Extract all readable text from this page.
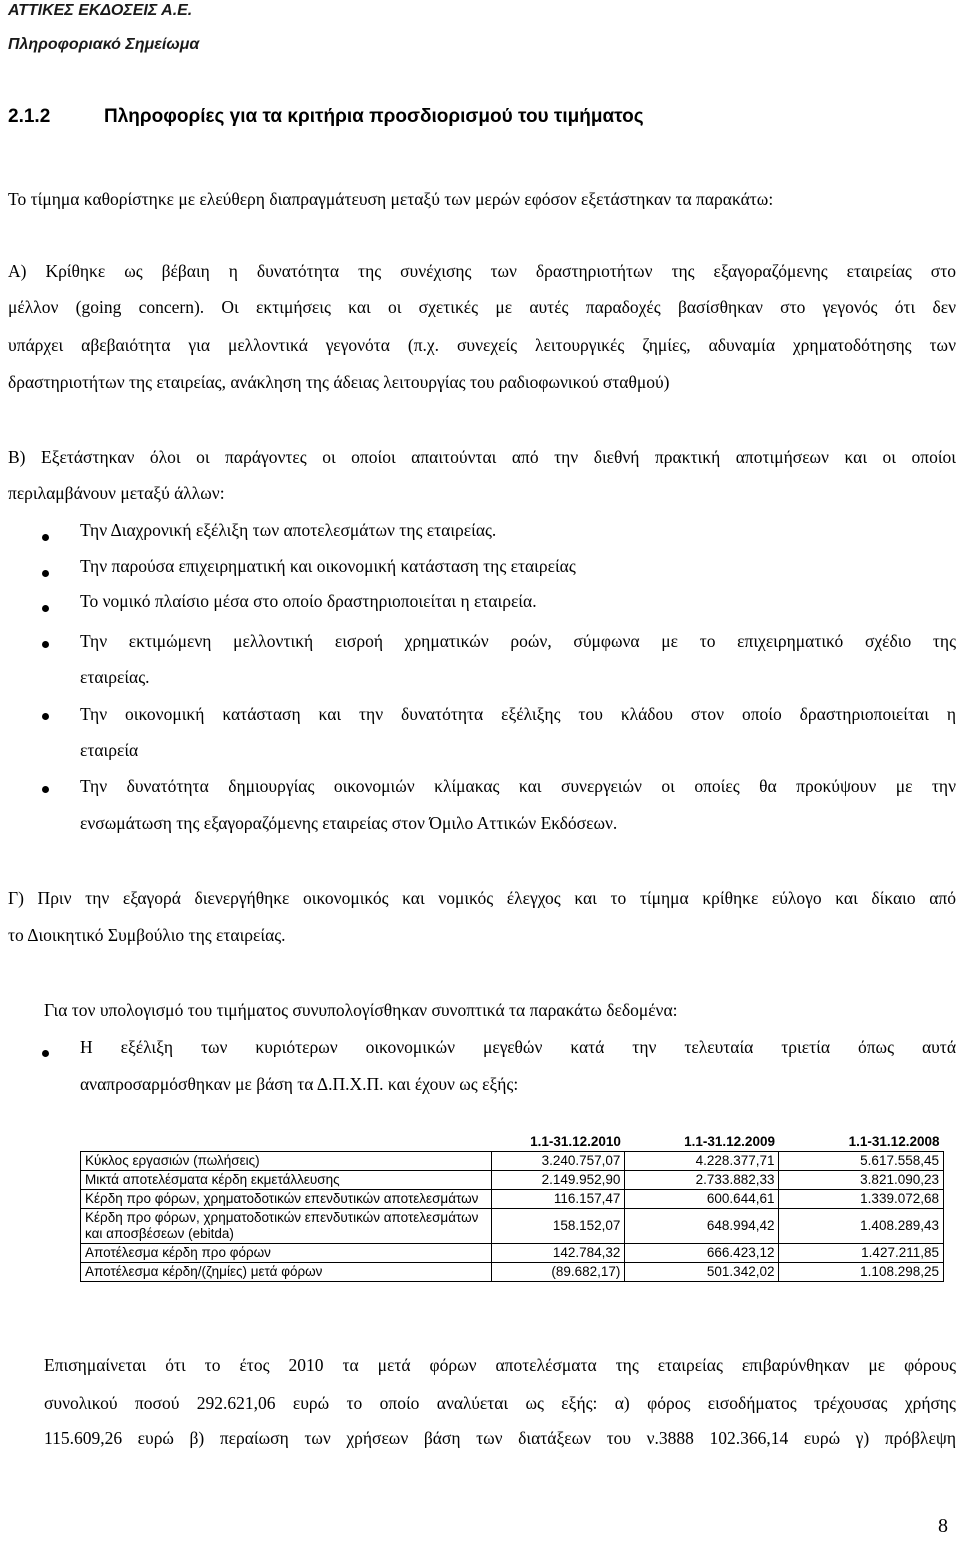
ΑΤΤΙΚΕΣ ΕΚΔΟΣΕΙΣ Α.Ε.
Πληροφοριακό Σημείωμα
2.1.2	Πληροφορίες για τα κριτήρια προσδιορισμού του τιμήματος
Το τίμημα καθορίστηκε με ελεύθερη διαπραγμάτευση μεταξύ των μερών εφόσον εξετάστηκαν τα παρακάτω:
Α) Κρίθηκε ως βέβαιη η δυνατότητα της συνέχισης των δραστηριοτήτων της εξαγοραζόμενης εταιρείας στο
μέλλον (going concern). Οι εκτιμήσεις και οι σχετικές με αυτές παραδοχές βασίσθηκαν στο γεγονός ότι δεν
υπάρχει αβεβαιότητα για μελλοντικά γεγονότα (π.χ. συνεχείς λειτουργικές ζημίες, αδυναμία χρηματοδότησης των
δραστηριοτήτων της εταιρείας, ανάκληση της άδειας λειτουργίας του ραδιοφωνικού σταθμού)
Β) Εξετάστηκαν όλοι οι παράγοντες οι οποίοι απαιτούνται από την διεθνή πρακτική αποτιμήσεων και οι οποίοι
περιλαμβάνουν μεταξύ άλλων:
Την Διαχρονική εξέλιξη των αποτελεσμάτων της εταιρείας.
Την παρούσα επιχειρηματική και οικονομική κατάσταση της εταιρείας
Το νομικό πλαίσιο μέσα στο οποίο δραστηριοποιείται η εταιρεία.
Την εκτιμώμενη μελλοντική εισροή χρηματικών ροών, σύμφωνα με το επιχειρηματικό σχέδιο της
εταιρείας.
Την οικονομική κατάσταση και την δυνατότητα εξέλιξης του κλάδου στον οποίο δραστηριοποιείται η
εταιρεία
Την δυνατότητα δημιουργίας οικονομιών κλίμακας και συνεργειών οι οποίες θα προκύψουν με την
ενσωμάτωση της εξαγοραζόμενης εταιρείας στον Όμιλο Αττικών Εκδόσεων.
Γ) Πριν την εξαγορά διενεργήθηκε οικονομικός και νομικός έλεγχος και το τίμημα κρίθηκε εύλογο και δίκαιο από
το Διοικητικό Συμβούλιο της εταιρείας.
Για τον υπολογισμό του τιμήματος συνυπολογίσθηκαν συνοπτικά τα παρακάτω δεδομένα:
Η εξέλιξη των κυριότερων οικονομικών μεγεθών κατά την τελευταία τριετία όπως αυτά
αναπροσαρμόσθηκαν με βάση τα Δ.Π.Χ.Π. και έχουν ως εξής:
	1.1-31.12.2010	1.1-31.12.2009	1.1-31.12.2008
Κύκλος εργασιών (πωλήσεις)	3.240.757,07	4.228.377,71	5.617.558,45
Μικτά αποτελέσματα κέρδη εκμετάλλευσης	2.149.952,90	2.733.882,33	3.821.090,23
Κέρδη προ φόρων, χρηματοδοτικών επενδυτικών αποτελεσμάτων	116.157,47	600.644,61	1.339.072,68
Κέρδη προ φόρων, χρηματοδοτικών επενδυτικών αποτελεσμάτων και αποσβέσεων (ebitda)	158.152,07	648.994,42	1.408.289,43
Αποτέλεσμα κέρδη προ φόρων	142.784,32	666.423,12	1.427.211,85
Αποτέλεσμα κέρδη/(ζημίες) μετά φόρων	(89.682,17)	501.342,02	1.108.298,25
Επισημαίνεται ότι το έτος 2010 τα μετά φόρων αποτελέσματα της εταιρείας επιβαρύνθηκαν με φόρους
συνολικού ποσού 292.621,06 ευρώ το οποίο αναλύεται ως εξής: α) φόρος εισοδήματος τρέχουσας χρήσης
115.609,26 ευρώ β) περαίωση των χρήσεων βάση των διατάξεων του ν.3888 102.366,14 ευρώ γ) πρόβλεψη
8
